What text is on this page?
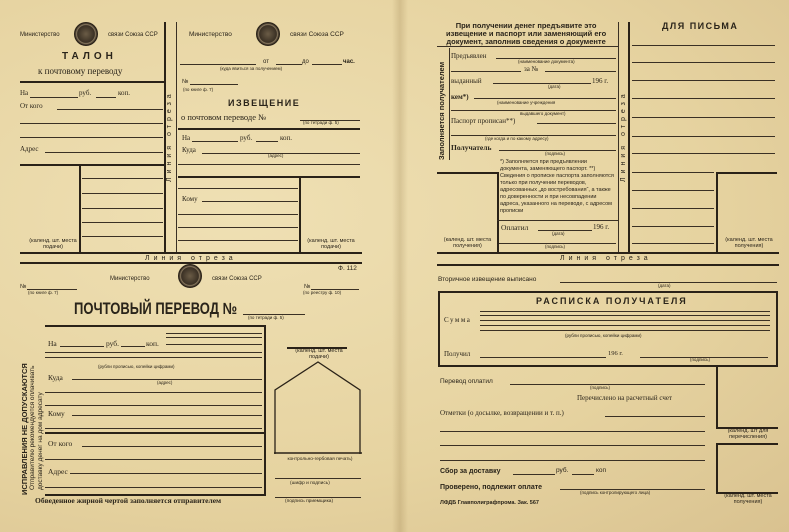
Министерство	связи Союза ССР
ТАЛОН
к почтовому переводу
На	руб.	коп.
От кого
Адрес
(календ. шт. места подачи)
Линия отреза
Министерство	связи Союза ССР
от	до	час.
(куда явиться за получением)
№
(по книге ф. 7)
ИЗВЕЩЕНИЕ
о почтовом переводе №
(по тетради ф. 5)
На	руб.	коп.
Куда
(адрес)
Кому
(календ. шт. места подачи)
Линия отреза
При получении денег предъявите это
извещение и паспорт или заменяющий его
документ, заполнив сведения о документе
Заполняется получателем
Предъявлен
(наименование документа)
за №
выданный	196 г.
(дата)
кем*)
(наименование учреждения
выдавшего документ)
Паспорт прописан**)
(где когда и по какому адресу)
Получатель
(подпись)
*) Заполняется при предъявлении документа, заменяющего паспорт. **) Сведения о прописке паспорта заполняются только при получении переводов, адресованных „до востребования“, а также по доверенности и при несовпадении адреса, указанного на переводе, с адресом прописки
Оплатил	196 г.
(дата)
(подпись)
(календ. шт. места получения)
Линия отреза
ДЛЯ ПИСЬМА
(календ. шт. места получения)
Линия отреза
Ф. 112
Министерство	связи Союза ССР
№
(по книге ф. 7)
№
(по реестру ф. 10)
ПОЧТОВЫЙ ПЕРЕВОД № (по тетради ф. 5)
ИСПРАВЛЕНИЯ НЕ ДОПУСКАЮТСЯ Отправителю рекомендуется оплачивать доставку денег на дом адресату
На	руб.	коп.
(рубли прописью, копейки цифрами)
Куда
(адрес)
Кому
От кого
Адрес
Обведенное жирной чертой заполняется отправителем
(календ. шт. места подачи)
контрольно-гербовая печать)
(шифр и подпись)
(подпись приемщика)
Вторичное извещение выписано
(дата)
РАСПИСКА ПОЛУЧАТЕЛЯ
Сумма
(рубли прописью, копейки цифрами)
Получил	196 г.
(подпись)
(календ. шт для перечисления)
(календ. шт. места получения)
Перевод оплатил
(подпись)
Перечислено на расчетный счет
Отметки (о досылке, возвращении и т. п.)
Сбор за доставку	руб.	коп
Проверено, подлежит оплате
(подпись контролирующего лица)
ЛФДБ Главполиграфпрома. Зак. 567
